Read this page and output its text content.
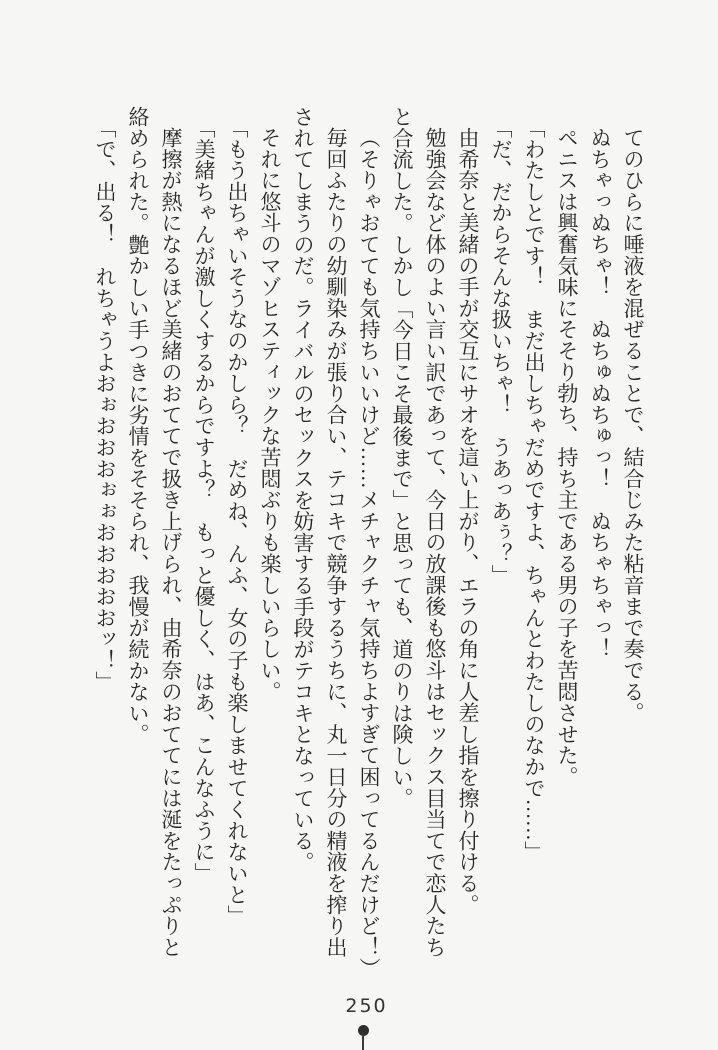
てのひらに唾液を混ぜることで、結合じみた粘音まで奏でる。
ぬちゃっぬちゃ！　ぬちゅぬちゅっ！　ぬちゃちゃっ！
ペニスは興奮気味にそそり勃ち、持ち主である男の子を苦悶させた。
「わたしとです！　まだ出しちゃだめですよ、ちゃんとわたしのなかで……」
「だ、だからそんな扱いちゃ！　うあっあぅ？」
由希奈と美緒の手が交互にサオを這い上がり、エラの角に人差し指を擦り付ける。
勉強会など体のよい言い訳であって、今日の放課後も悠斗はセックス目当てで恋人たち
と合流した。しかし「今日こそ最後まで」と思っても、道のりは険しい。
（そりゃおてても気持ちいいけど……メチャクチャ気持ちよすぎて困ってるんだけど！）
毎回ふたりの幼馴染みが張り合い、テコキで競争するうちに、丸一日分の精液を搾り出
されてしまうのだ。ライバルのセックスを妨害する手段がテコキとなっている。
それに悠斗のマゾヒスティックな苦悶ぶりも楽しいらしい。
「もう出ちゃいそうなのかしら？　だめね、んふ、女の子も楽しませてくれないと」
「美緒ちゃんが激しくするからですよ？　もっと優しく、はあ、こんなふうに」
摩擦が熱になるほど美緒のおててで扱き上げられ、由希奈のおててには涎をたっぷりと
絡められた。艶かしい手つきに劣情をそそられ、我慢が続かない。
「で、出る！　れちゃうよおぉおおおぉぉおおおおおッ！」
250
